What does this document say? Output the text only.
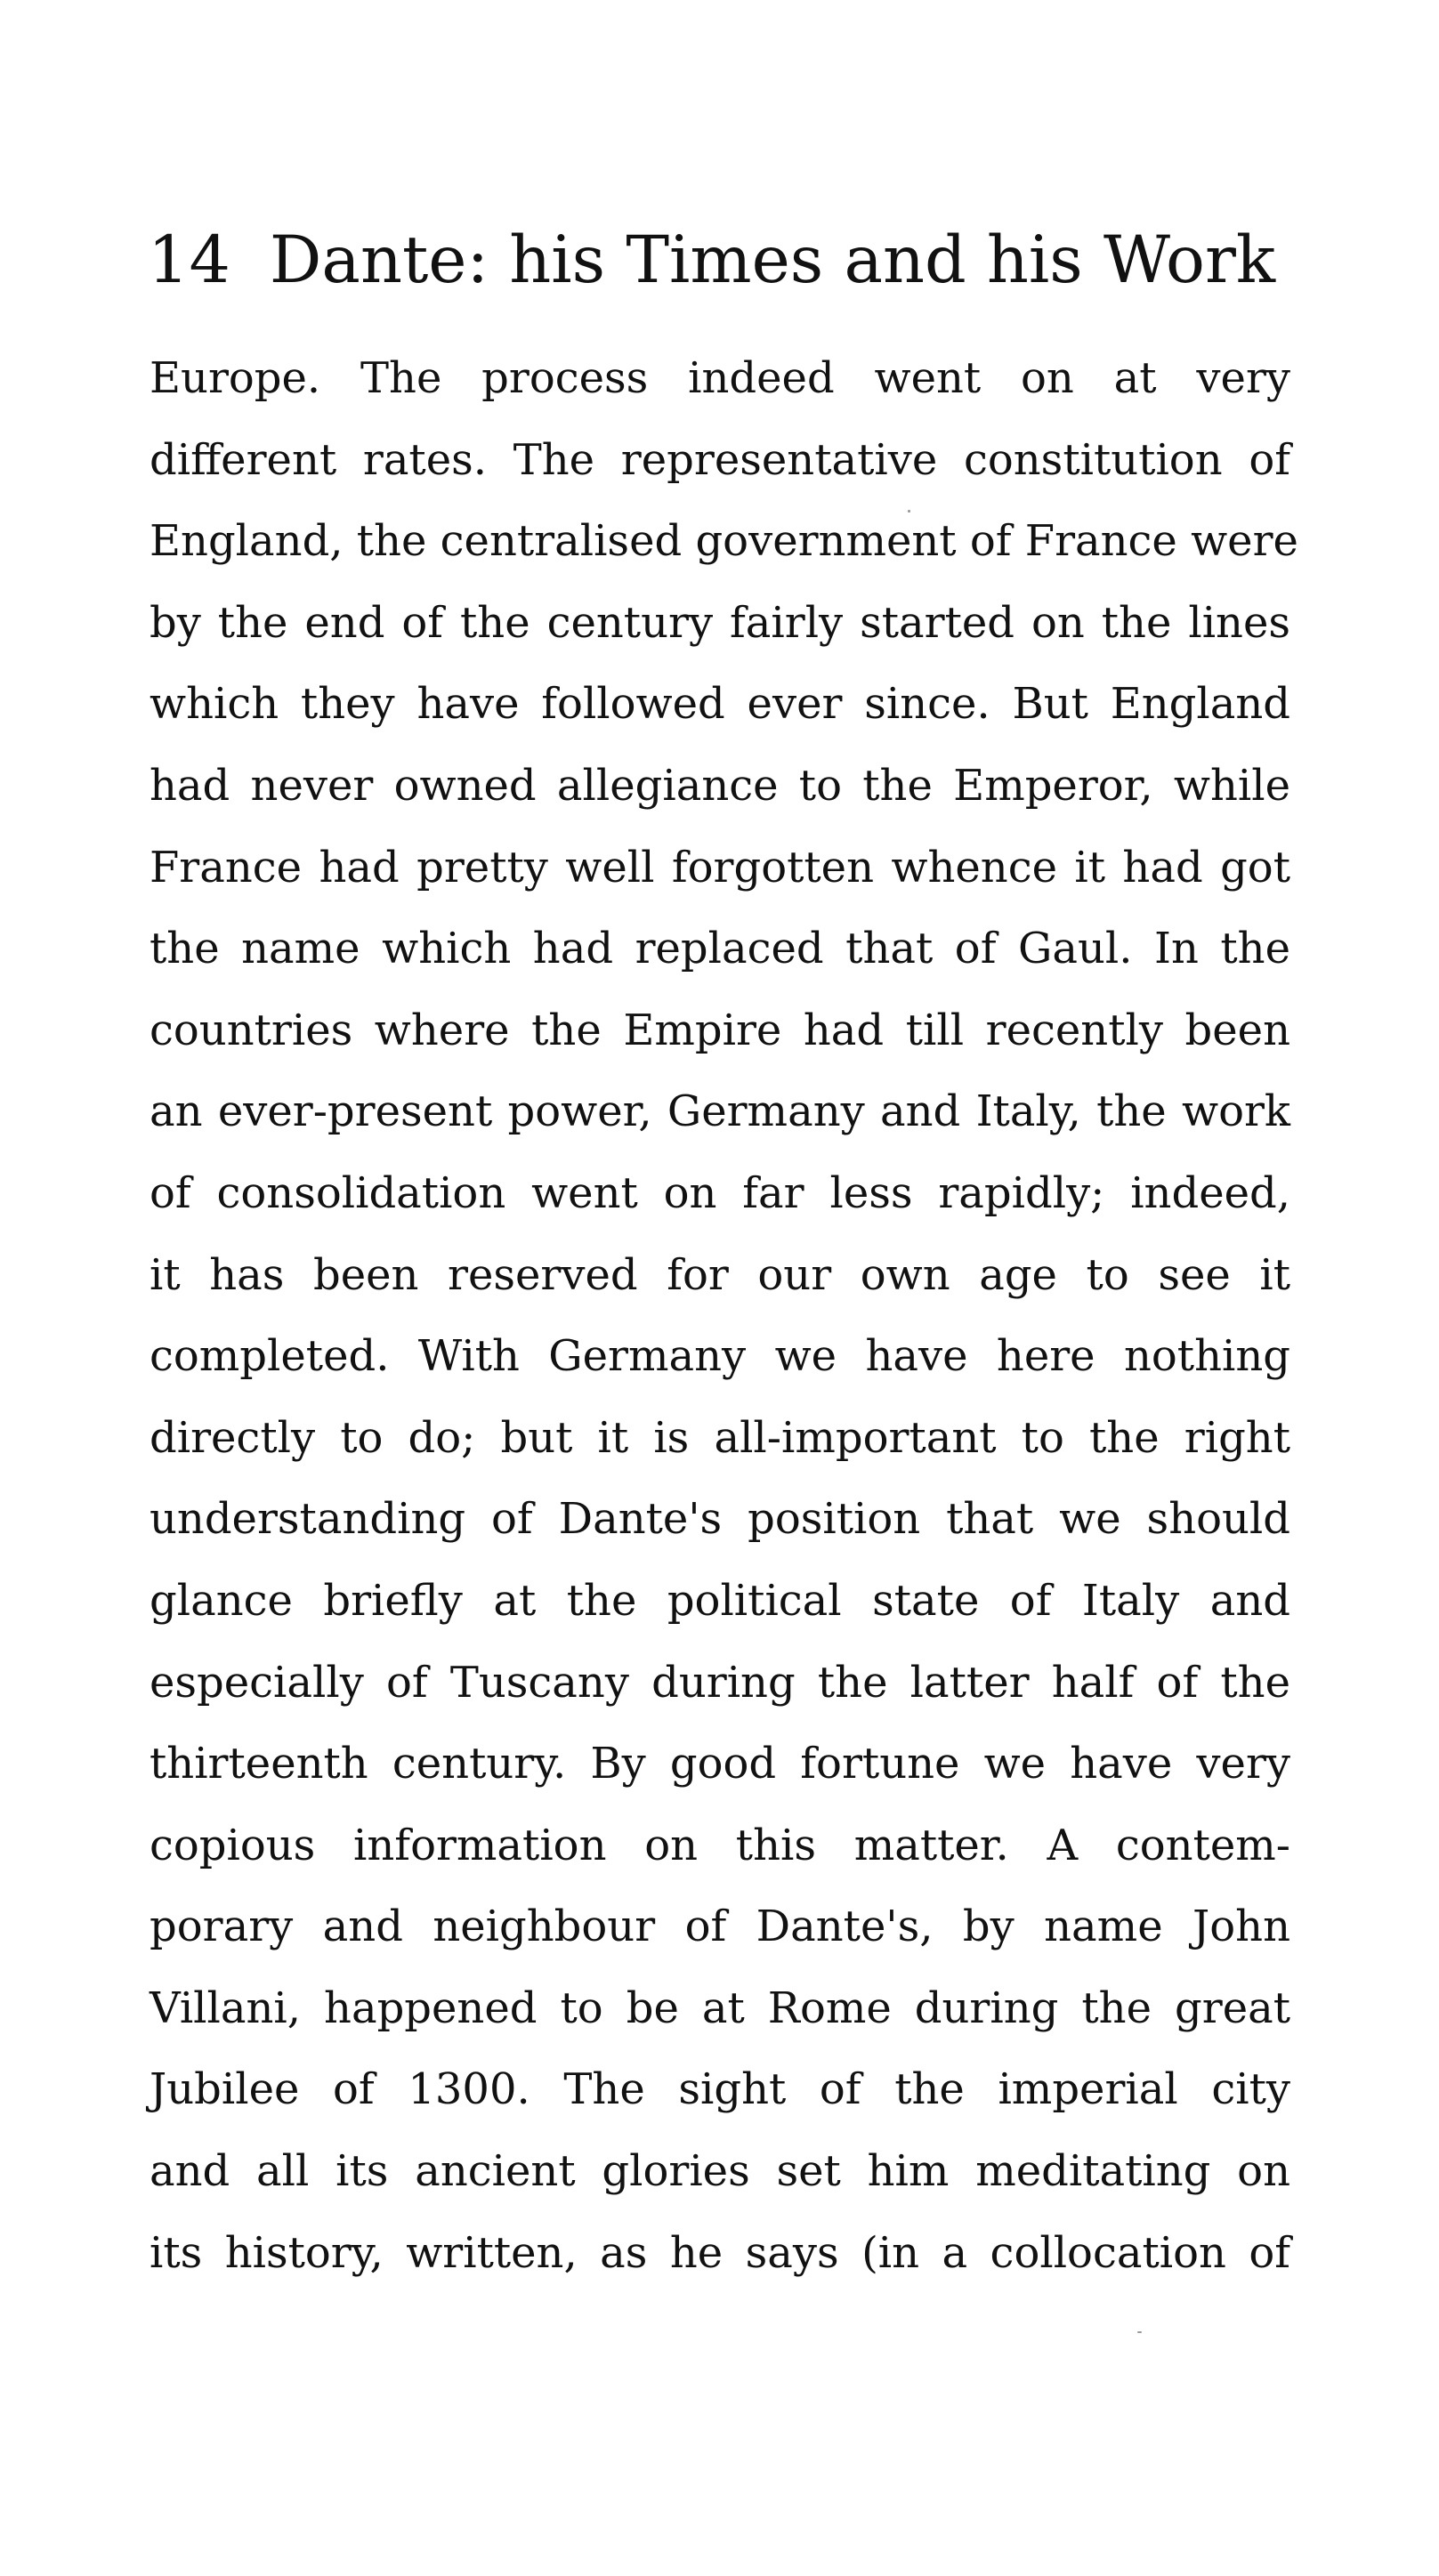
14 Dante: his Times and his Work
Europe. The process indeed went on at very
different rates. The representative constitution of
England, the centralised government of France were
by the end of the century fairly started on the lines
which they have followed ever since. But England
had never owned allegiance to the Emperor, while
France had pretty well forgotten whence it had got
the name which had replaced that of Gaul. In the
countries where the Empire had till recently been
an ever-present power, Germany and Italy, the work
of consolidation went on far less rapidly; indeed,
it has been reserved for our own age to see it
completed. With Germany we have here nothing
directly to do; but it is all-important to the right
understanding of Dante's position that we should
glance briefly at the political state of Italy and
especially of Tuscany during the latter half of the
thirteenth century. By good fortune we have very
copious information on this matter. A contem-
porary and neighbour of Dante's, by name John
Villani, happened to be at Rome during the great
Jubilee of 1300. The sight of the imperial city
and all its ancient glories set him meditating on
its history, written, as he says (in a collocation of
